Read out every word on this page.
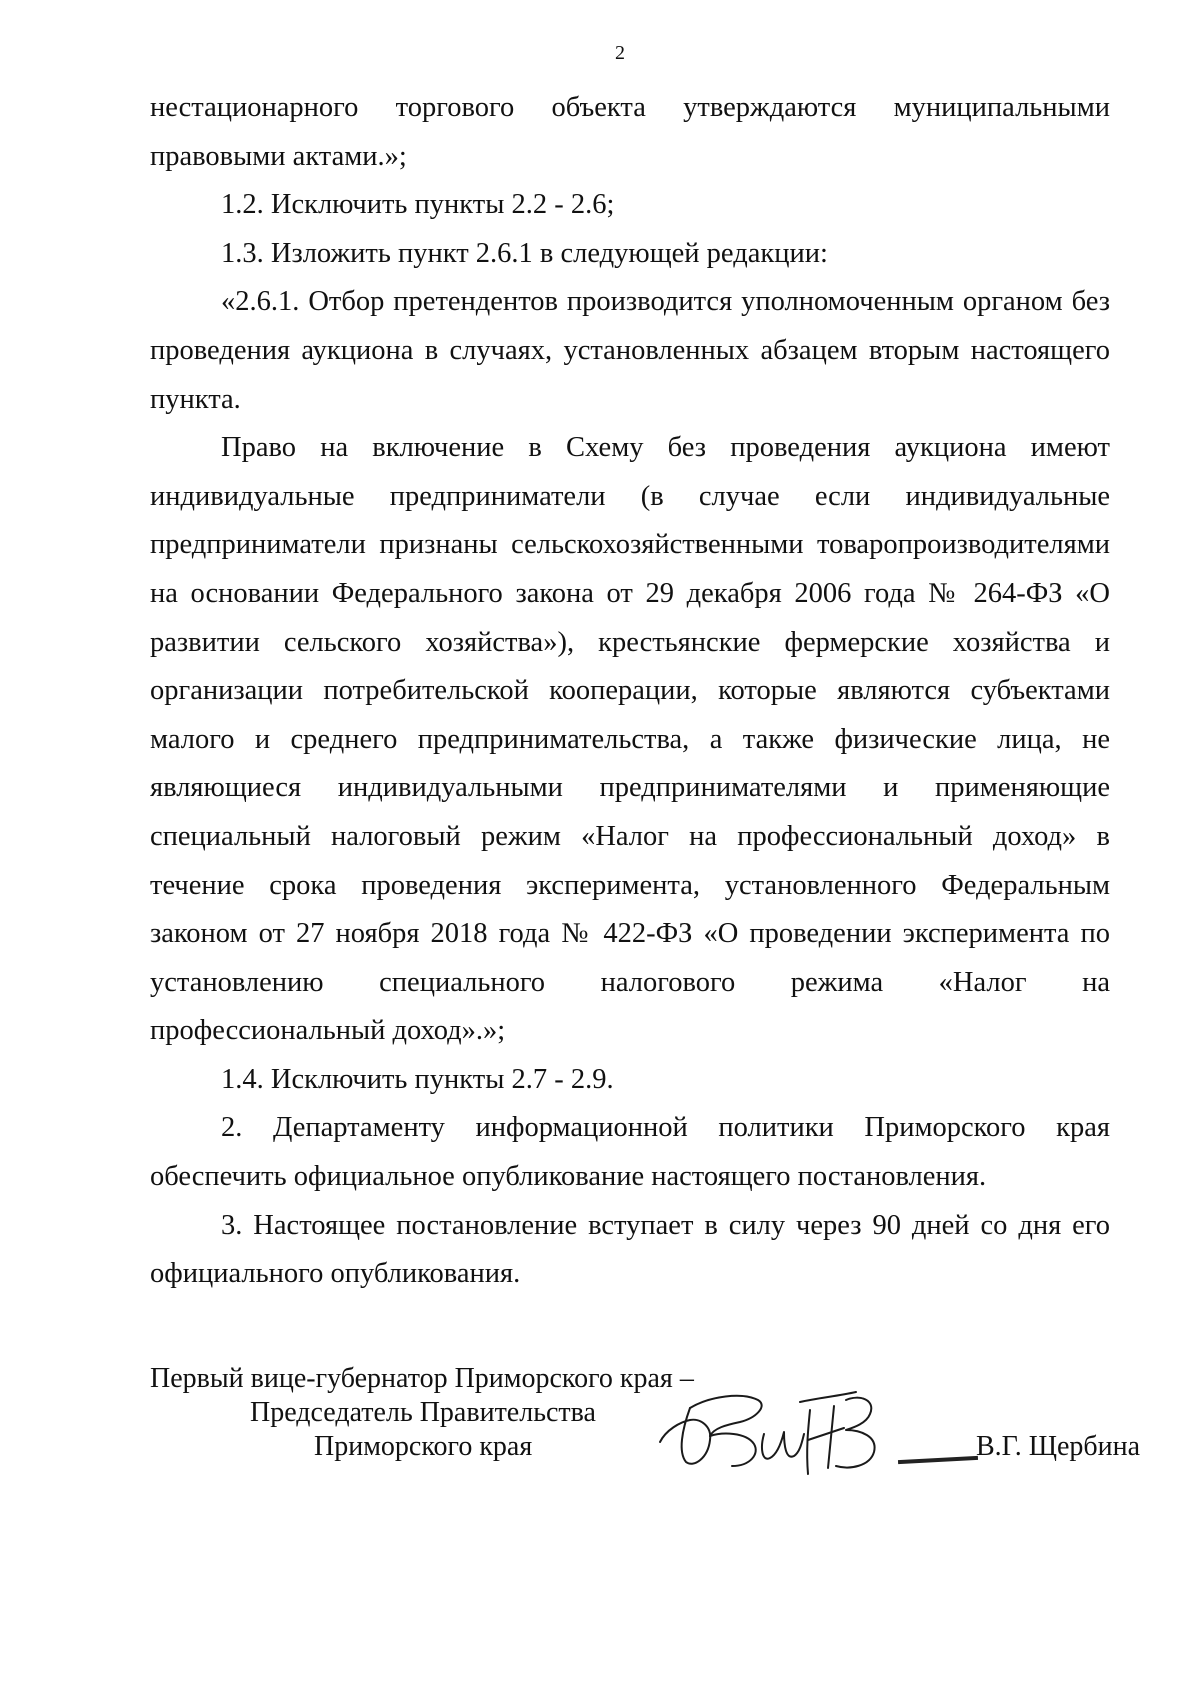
2

нестационарного торгового объекта утверждаются муниципальными правовыми актами.»;

1.2. Исключить пункты 2.2 - 2.6;

1.3. Изложить пункт 2.6.1 в следующей редакции:

«2.6.1. Отбор претендентов производится уполномоченным органом без проведения аукциона в случаях, установленных абзацем вторым настоящего пункта.

Право на включение в Схему без проведения аукциона имеют индивидуальные предприниматели (в случае если индивидуальные предприниматели признаны сельскохозяйственными товаропроизводителями на основании Федерального закона от 29 декабря 2006 года № 264-ФЗ «О развитии сельского хозяйства»), крестьянские фермерские хозяйства и организации потребительской кооперации, которые являются субъектами малого и среднего предпринимательства, а также физические лица, не являющиеся индивидуальными предпринимателями и применяющие специальный налоговый режим «Налог на профессиональный доход» в течение срока проведения эксперимента, установленного Федеральным законом от 27 ноября 2018 года № 422-ФЗ «О проведении эксперимента по установлению специального налогового режима «Налог на профессиональный доход».»;

1.4. Исключить пункты 2.7 - 2.9.

2. Департаменту информационной политики Приморского края обеспечить официальное опубликование настоящего постановления.

3. Настоящее постановление вступает в силу через 90 дней со дня его официального опубликования.

Первый вице-губернатор Приморского края –
Председатель Правительства
Приморского края	В.Г. Щербина
